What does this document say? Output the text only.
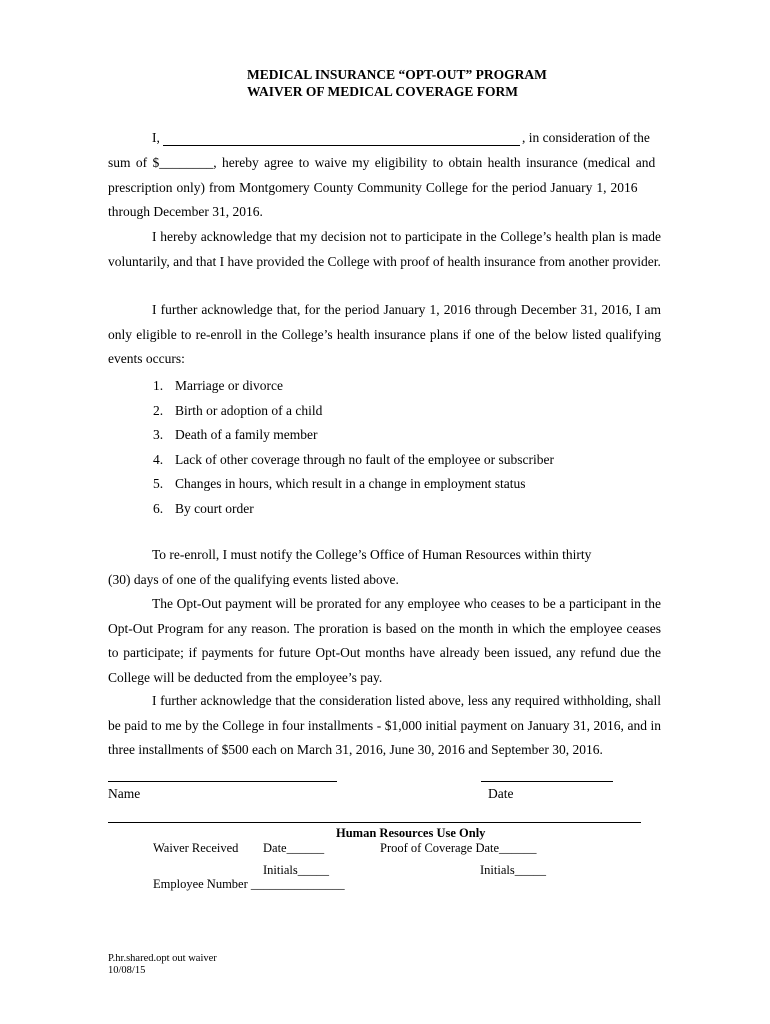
MEDICAL INSURANCE “OPT-OUT” PROGRAM
WAIVER OF MEDICAL COVERAGE FORM
I,	, in consideration of the
sum of $________, hereby agree to waive my eligibility to obtain health insurance (medical and
prescription only) from Montgomery County Community College for the period January 1, 2016
through December 31, 2016.

I hereby acknowledge that my decision not to participate in the College’s health plan is made voluntarily, and that I have provided the College with proof of health insurance from another provider.

I further acknowledge that, for the period January 1, 2016 through December 31, 2016, I am only eligible to re-enroll in the College’s health insurance plans if one of the below listed qualifying events occurs:

1. Marriage or divorce
2. Birth or adoption of a child
3. Death of a family member
4. Lack of other coverage through no fault of the employee or subscriber
5. Changes in hours, which result in a change in employment status
6. By court order
To re-enroll, I must notify the College’s Office of Human Resources within thirty
(30) days of one of the qualifying events listed above.

The Opt-Out payment will be prorated for any employee who ceases to be a participant in the Opt-Out Program for any reason. The proration is based on the month in which the employee ceases to participate; if payments for future Opt-Out months have already been issued, any refund due the College will be deducted from the employee’s pay.

I further acknowledge that the consideration listed above, less any required withholding, shall be paid to me by the College in four installments - $1,000 initial payment on January 31, 2016, and in three installments of $500 each on March 31, 2016, June 30, 2016 and September 30, 2016.

Name	Date
Human Resources Use Only
Waiver Received Date______	Proof of Coverage Date______
Initials_____	Initials_____
Employee Number _______________
P.hr.shared.opt out waiver
10/08/15
